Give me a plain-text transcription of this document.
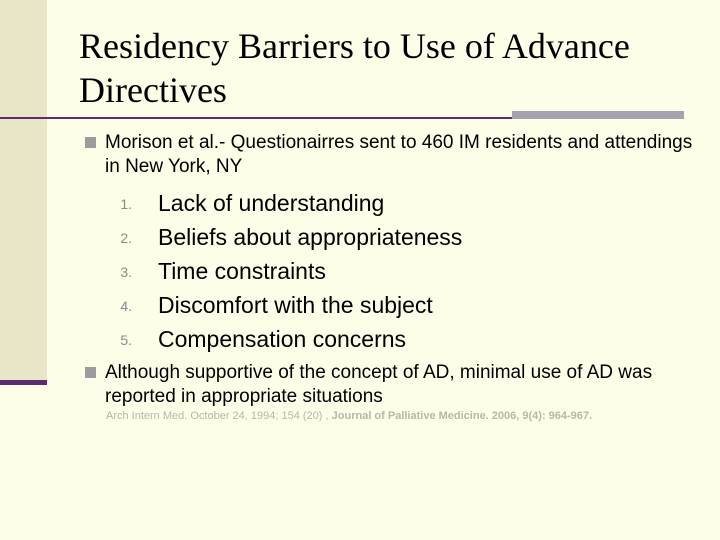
Residency Barriers to Use of Advance Directives
Morison et al.- Questionairres sent to 460 IM residents and attendings in New York, NY
1. Lack of understanding
2. Beliefs about appropriateness
3. Time constraints
4. Discomfort with the subject
5. Compensation concerns
Although supportive of the concept of AD, minimal use of AD was reported in appropriate situations
Arch Intern Med. October 24, 1994; 154 (20) , Journal of Palliative Medicine. 2006, 9(4): 964-967.
